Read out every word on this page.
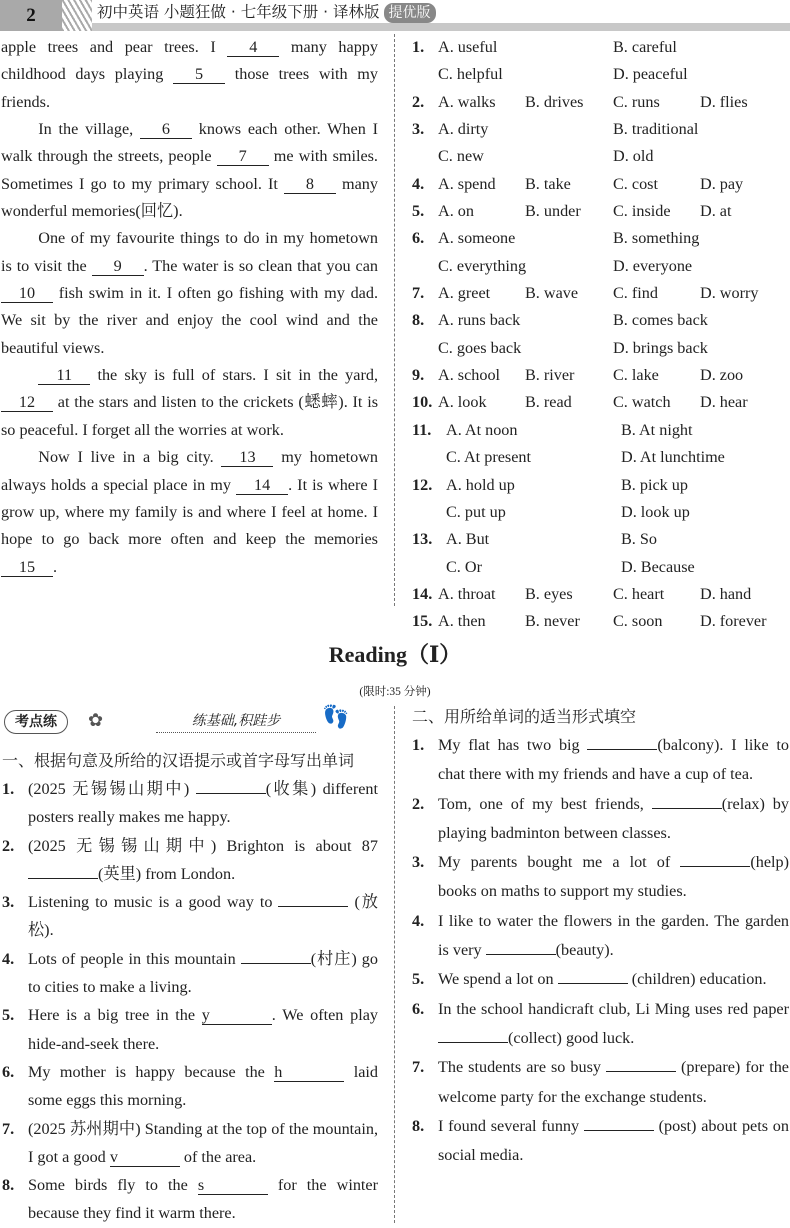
2	初中英语 小题狂做 · 七年级下册 · 译林版 提优版

apple trees and pear trees. I 4 many happy childhood days playing 5 those trees with my friends.

In the village, 6 knows each other. When I walk through the streets, people 7 me with smiles. Sometimes I go to my primary school. It 8 many wonderful memories(回忆).

One of my favourite things to do in my hometown is to visit the 9 . The water is so clean that you can 10 fish swim in it. I often go fishing with my dad. We sit by the river and enjoy the cool wind and the beautiful views.

11 the sky is full of stars. I sit in the yard, 12 at the stars and listen to the crickets (蟋蟀). It is so peaceful. I forget all the worries at work.

Now I live in a big city. 13 my hometown always holds a special place in my 14 . It is where I grow up, where my family is and where I feel at home. I hope to go back more often and keep the memories 15 .

1. A. useful	B. careful
C. helpful	D. peaceful
2. A. walks B. drives C. runs D. flies
3. A. dirty	B. traditional
C. new	D. old
4. A. spend B. take	C. cost	D. pay
5. A. on	B. under C. inside D. at
6. A. someone	B. something
C. everything	D. everyone
7. A. greet B. wave C. find	D. worry
8. A. runs back	B. comes back
C. goes back	D. brings back
9. A. school B. river C. lake	D. zoo
10. A. look B. read	C. watch D. hear
11. A. At noon	B. At night
C. At present	D. At lunchtime
12. A. hold up	B. pick up
C. put up	D. look up
13. A. But	B. So
C. Or	D. Because
14. A. throat B. eyes C. heart D. hand
15. A. then B. never C. soon D. forever
Reading（Ⅰ）
(限时:35 分钟)
考点练	✿	练基础,积跬步	👣
一、根据句意及所给的汉语提示或首字母写出单词
1. (2025 无锡锡山期中)	(收集) different posters really makes me happy.
2. (2025 无锡锡山期中) Brighton is about 87 (英里) from London.
3. Listening to music is a good way to	(放松).
4. Lots of people in this mountain	(村庄) go to cities to make a living.
5. Here is a big tree in the y	. We often play hide-and-seek there.
6. My mother is happy because the h	laid some eggs this morning.
7. (2025 苏州期中) Standing at the top of the mountain, I got a good v	of the area.
8. Some birds fly to the s	for the winter because they find it warm there.
二、用所给单词的适当形式填空
1. My flat has two big	(balcony). I like to chat there with my friends and have a cup of tea.
2. Tom, one of my best friends,	(relax) by playing badminton between classes.
3. My parents bought me a lot of	(help) books on maths to support my studies.
4. I like to water the flowers in the garden. The garden is very	(beauty).
5. We spend a lot on	(children) education.
6. In the school handicraft club, Li Ming uses red paper (collect) good luck.
7. The students are so busy	(prepare) for the welcome party for the exchange students.
8. I found several funny	(post) about pets on social media.
